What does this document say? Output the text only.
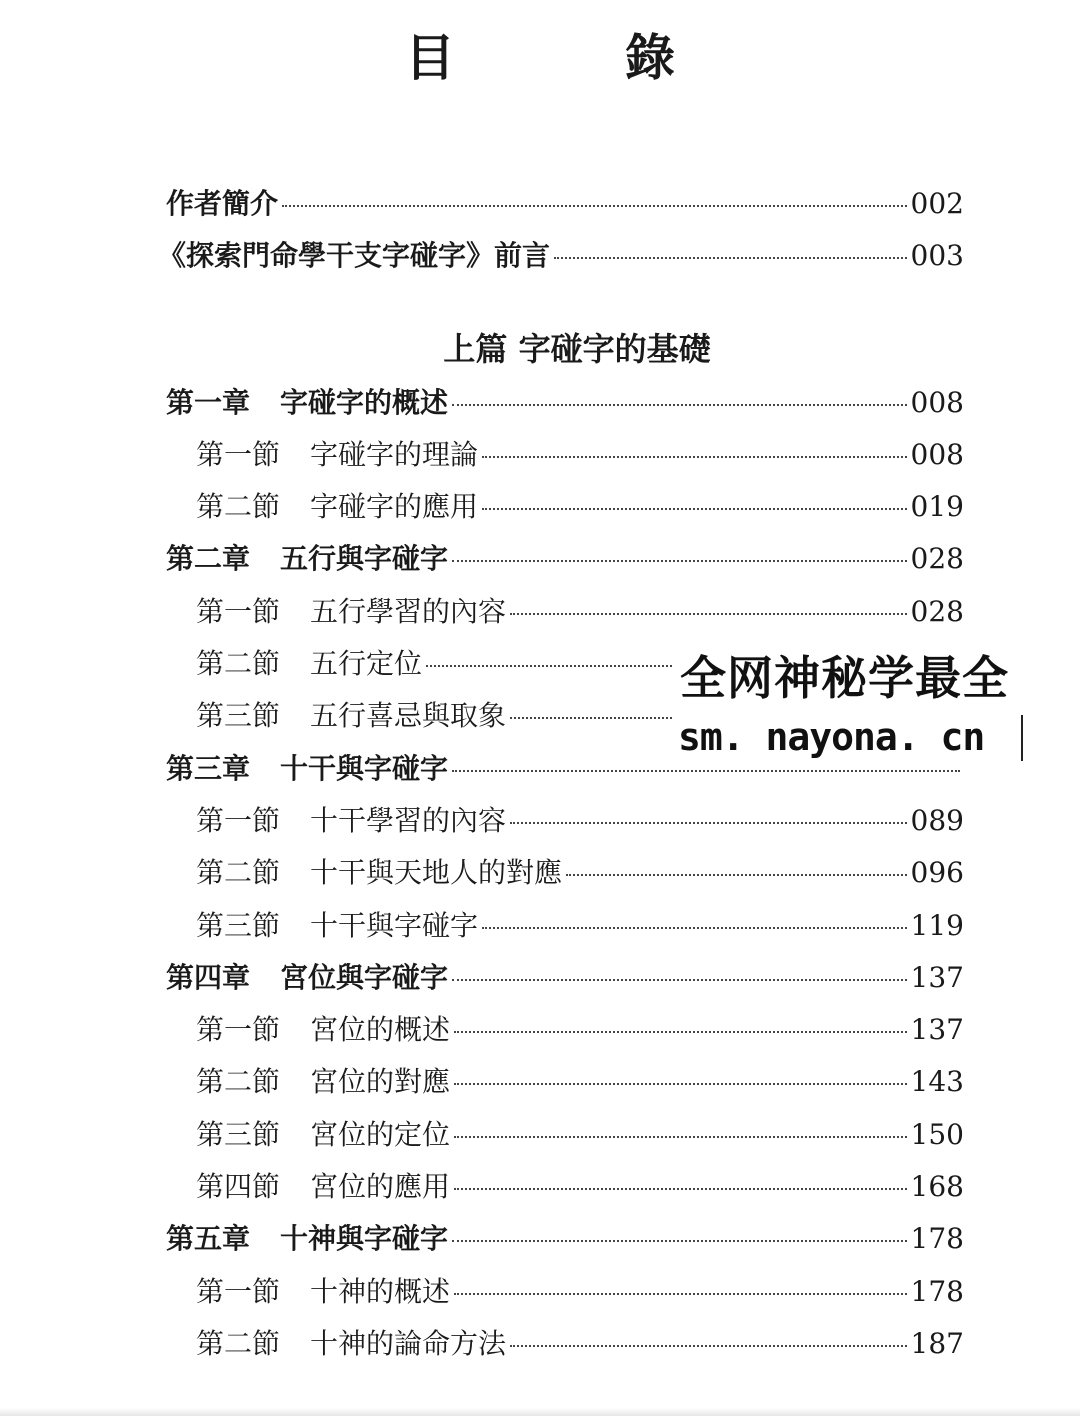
目　錄
作者簡介	002
《探索門命學干支字碰字》前言	003
上篇 字碰字的基礎
第一章 字碰字的概述	008
第一節 字碰字的理論	008
第二節 字碰字的應用	019
第二章 五行與字碰字	028
第一節 五行學習的內容	028
第二節 五行定位
第三節 五行喜忌與取象
第三章 十干與字碰字
第一節 十干學習的內容	089
第二節 十干與天地人的對應	096
第三節 十干與字碰字	119
第四章 宮位與字碰字	137
第一節 宮位的概述	137
第二節 宮位的對應	143
第三節 宮位的定位	150
第四節 宮位的應用	168
第五章 十神與字碰字	178
第一節 十神的概述	178
第二節 十神的論命方法	187
全网神秘学最全
sm. nayona. cn
